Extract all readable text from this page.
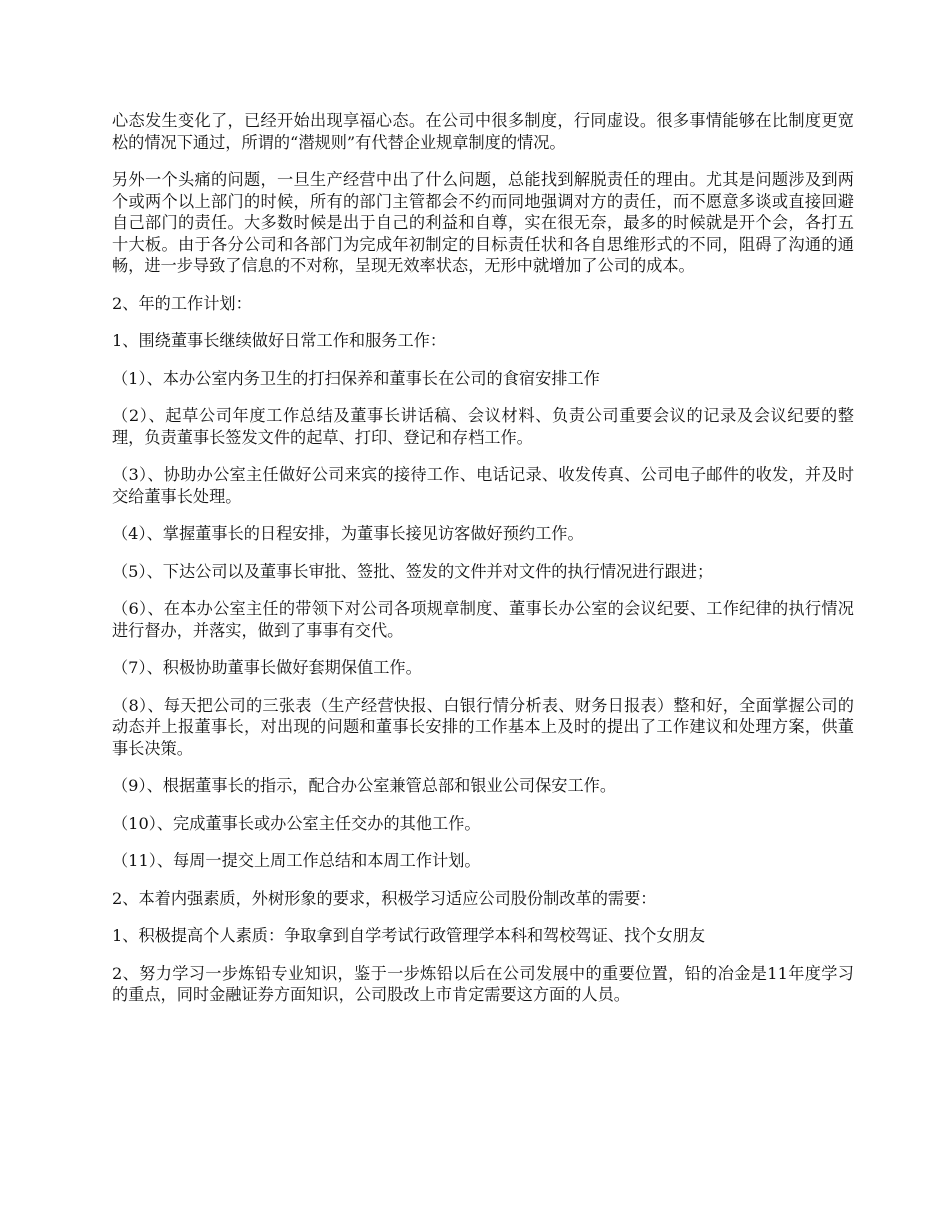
心态发生变化了，已经开始出现享福心态。在公司中很多制度，行同虚设。很多事情能够在比制度更宽松的情况下通过，所谓的“潜规则”有代替企业规章制度的情况。

另外一个头痛的问题，一旦生产经营中出了什么问题，总能找到解脱责任的理由。尤其是问题涉及到两个或两个以上部门的时候，所有的部门主管都会不约而同地强调对方的责任，而不愿意多谈或直接回避自己部门的责任。大多数时候是出于自己的利益和自尊，实在很无奈，最多的时候就是开个会，各打五十大板。由于各分公司和各部门为完成年初制定的目标责任状和各自思维形式的不同，阻碍了沟通的通畅，进一步导致了信息的不对称，呈现无效率状态，无形中就增加了公司的成本。

2、年的工作计划：

1、围绕董事长继续做好日常工作和服务工作：

（1）、本办公室内务卫生的打扫保养和董事长在公司的食宿安排工作

（2）、起草公司年度工作总结及董事长讲话稿、会议材料、负责公司重要会议的记录及会议纪要的整理，负责董事长签发文件的起草、打印、登记和存档工作。

（3）、协助办公室主任做好公司来宾的接待工作、电话记录、收发传真、公司电子邮件的收发，并及时交给董事长处理。

（4）、掌握董事长的日程安排，为董事长接见访客做好预约工作。

（5）、下达公司以及董事长审批、签批、签发的文件并对文件的执行情况进行跟进；

（6）、在本办公室主任的带领下对公司各项规章制度、董事长办公室的会议纪要、工作纪律的执行情况进行督办，并落实，做到了事事有交代。

（7）、积极协助董事长做好套期保值工作。

（8）、每天把公司的三张表（生产经营快报、白银行情分析表、财务日报表）整和好，全面掌握公司的动态并上报董事长，对出现的问题和董事长安排的工作基本上及时的提出了工作建议和处理方案，供董事长决策。

（9）、根据董事长的指示，配合办公室兼管总部和银业公司保安工作。

（10）、完成董事长或办公室主任交办的其他工作。

（11）、每周一提交上周工作总结和本周工作计划。

2、本着内强素质，外树形象的要求，积极学习适应公司股份制改革的需要：

1、积极提高个人素质：争取拿到自学考试行政管理学本科和驾校驾证、找个女朋友

2、努力学习一步炼铅专业知识，鉴于一步炼铅以后在公司发展中的重要位置，铅的冶金是11年度学习的重点，同时金融证券方面知识，公司股改上市肯定需要这方面的人员。
